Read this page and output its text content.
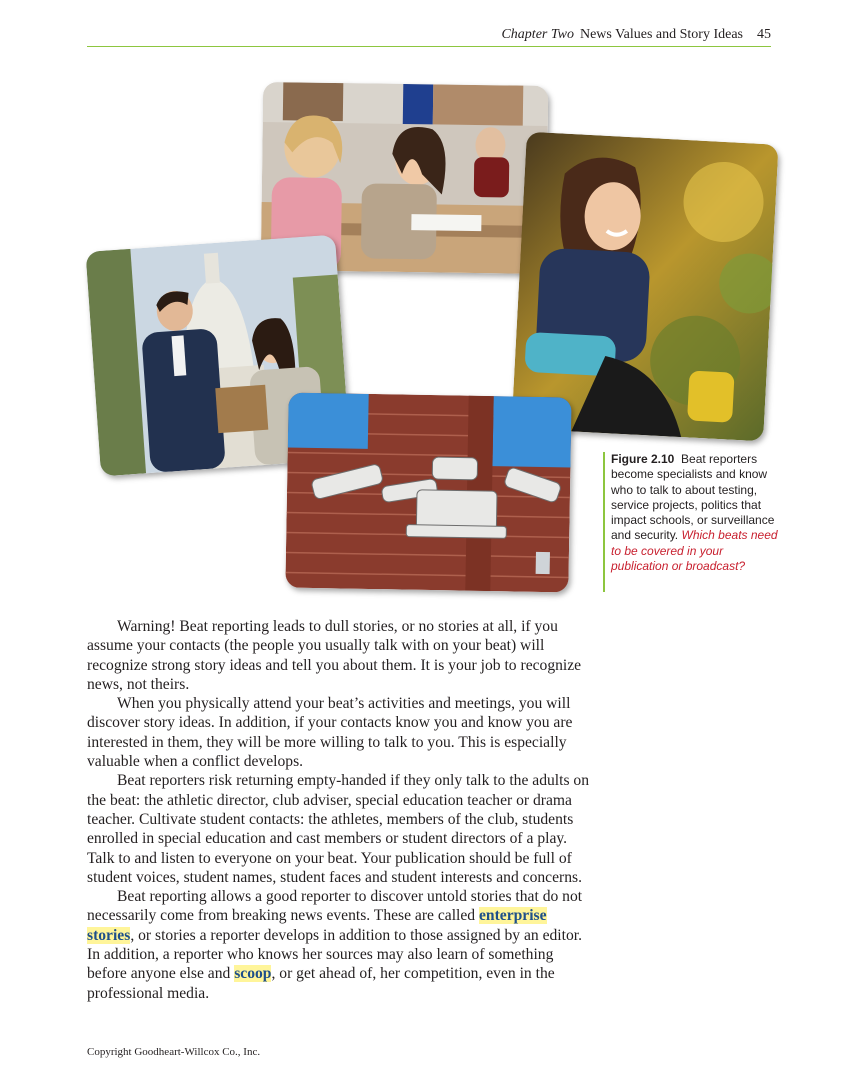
Chapter Two News Values and Story Ideas 45
Figure 2.10 Beat reporters become specialists and know who to talk to about testing, service projects, politics that impact schools, or surveillance and security. Which beats need to be covered in your publication or broadcast?

Warning! Beat reporting leads to dull stories, or no stories at all, if you assume your contacts (the people you usually talk with on your beat) will recognize strong story ideas and tell you about them. It is your job to recognize news, not theirs.

When you physically attend your beat’s activities and meetings, you will discover story ideas. In addition, if your contacts know you and know you are interested in them, they will be more willing to talk to you. This is especially valuable when a conflict develops.

Beat reporters risk returning empty-handed if they only talk to the adults on the beat: the athletic director, club adviser, special education teacher or drama teacher. Cultivate student contacts: the athletes, members of the club, students enrolled in special education and cast members or student directors of a play. Talk to and listen to everyone on your beat. Your publication should be full of student voices, student names, student faces and student interests and concerns.

Beat reporting allows a good reporter to discover untold stories that do not necessarily come from breaking news events. These are called enterprise stories, or stories a reporter develops in addition to those assigned by an editor. In addition, a reporter who knows her sources may also learn of something before anyone else and scoop, or get ahead of, her competition, even in the professional media.

Copyright Goodheart-Willcox Co., Inc.
